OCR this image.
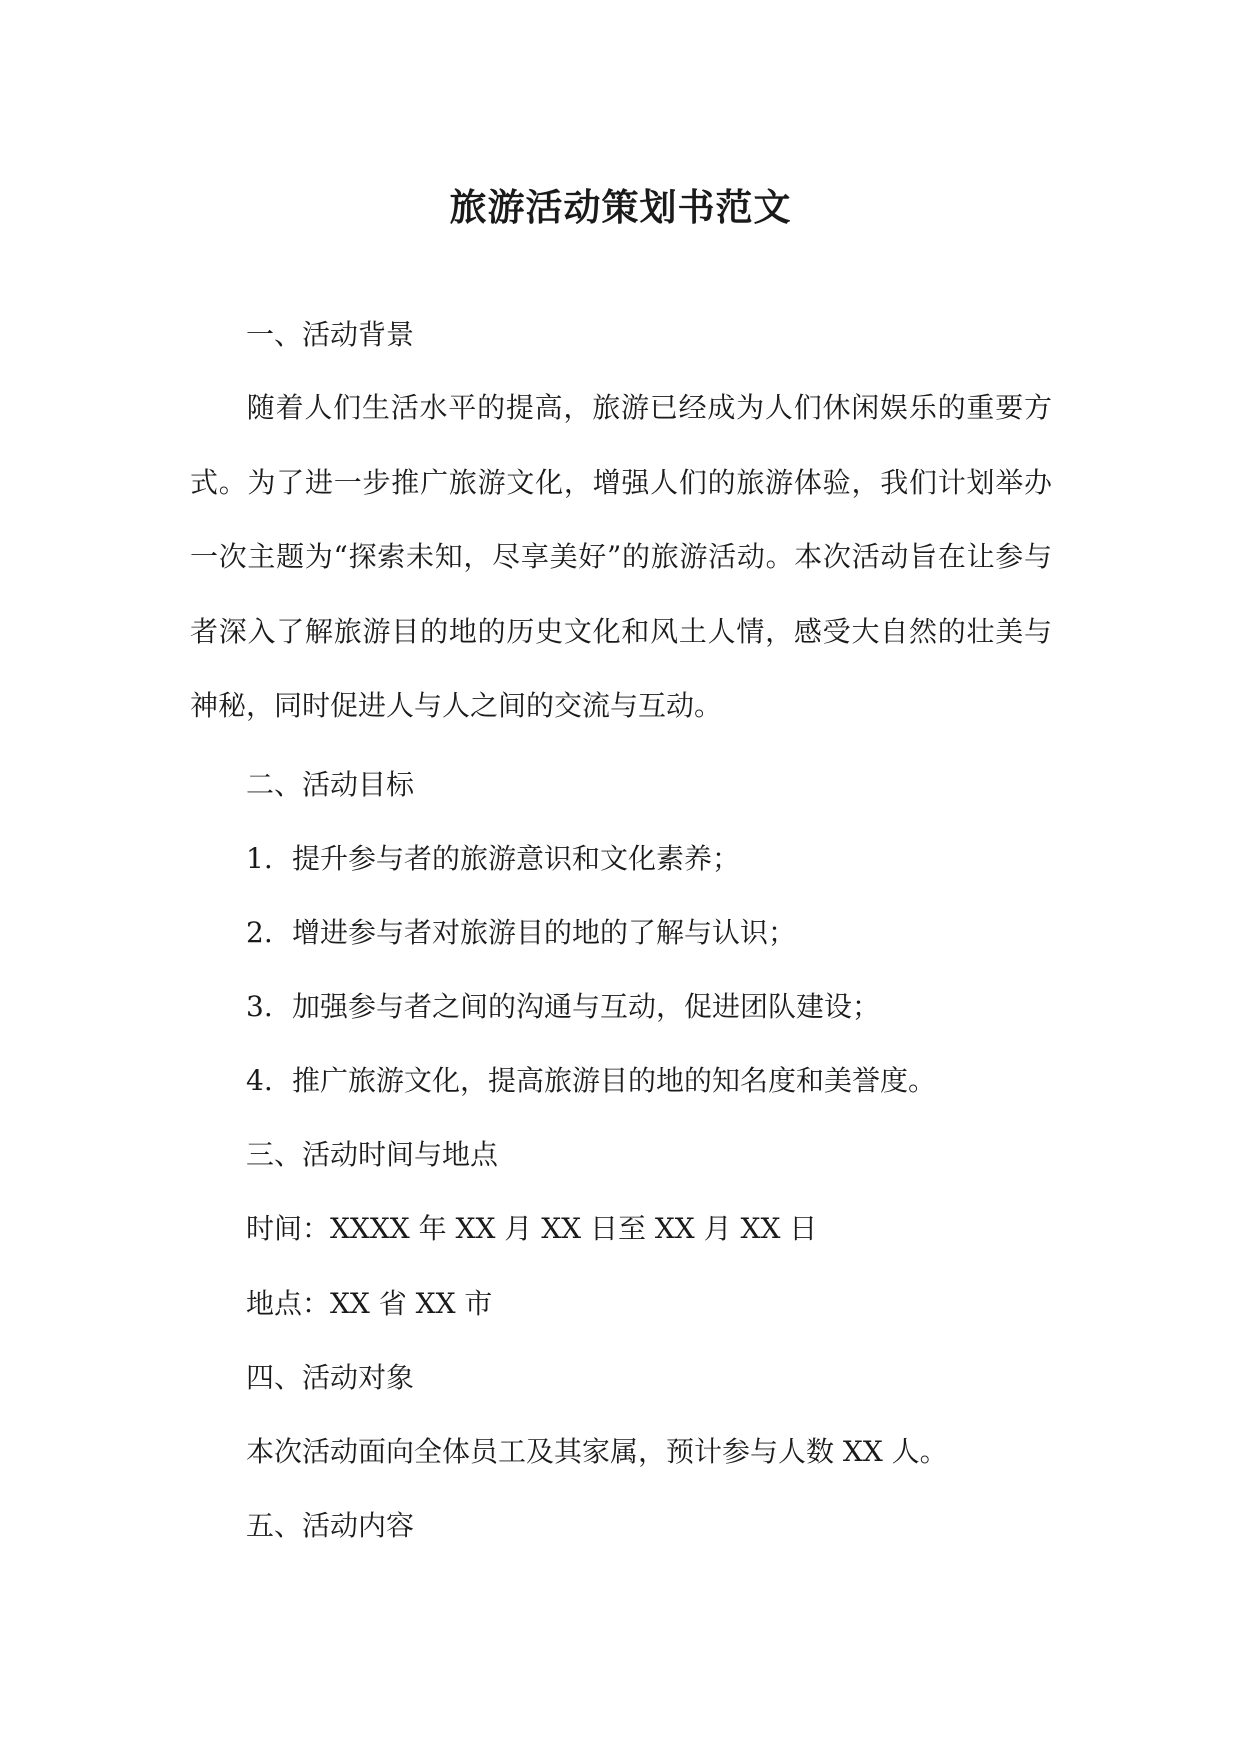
旅游活动策划书范文
一、活动背景
随着人们生活水平的提高，旅游已经成为人们休闲娱乐的重要方式。为了进一步推广旅游文化，增强人们的旅游体验，我们计划举办一次主题为“探索未知，尽享美好”的旅游活动。本次活动旨在让参与者深入了解旅游目的地的历史文化和风土人情，感受大自然的壮美与神秘，同时促进人与人之间的交流与互动。
二、活动目标
1. 提升参与者的旅游意识和文化素养；
2. 增进参与者对旅游目的地的了解与认识；
3. 加强参与者之间的沟通与互动，促进团队建设；
4. 推广旅游文化，提高旅游目的地的知名度和美誉度。
三、活动时间与地点
时间：XXXX 年 XX 月 XX 日至 XX 月 XX 日
地点：XX 省 XX 市
四、活动对象
本次活动面向全体员工及其家属，预计参与人数 XX 人。
五、活动内容
